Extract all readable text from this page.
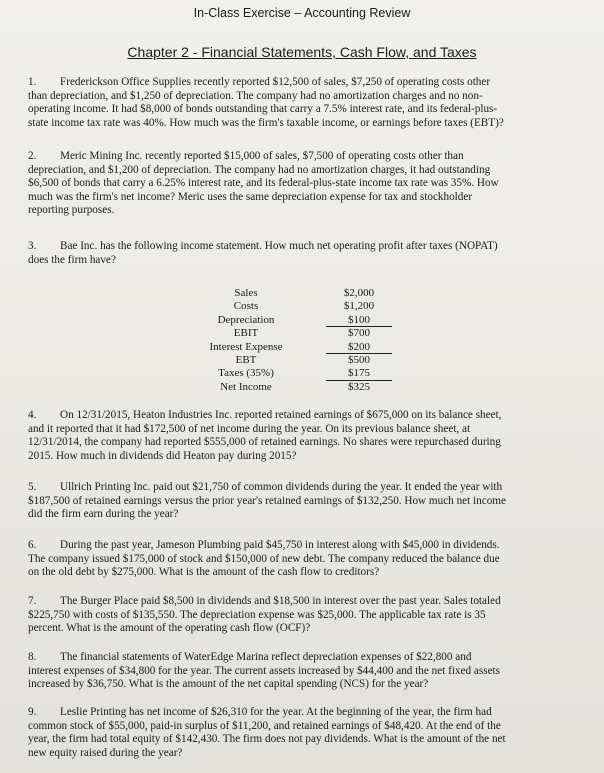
In-Class Exercise – Accounting Review
Chapter 2 - Financial Statements, Cash Flow, and Taxes
1. Frederickson Office Supplies recently reported $12,500 of sales, $7,250 of operating costs other
than depreciation, and $1,250 of depreciation. The company had no amortization charges and no non-
operating income. It had $8,000 of bonds outstanding that carry a 7.5% interest rate, and its federal-plus-
state income tax rate was 40%. How much was the firm's taxable income, or earnings before taxes (EBT)?
2. Meric Mining Inc. recently reported $15,000 of sales, $7,500 of operating costs other than
depreciation, and $1,200 of depreciation. The company had no amortization charges, it had outstanding
$6,500 of bonds that carry a 6.25% interest rate, and its federal-plus-state income tax rate was 35%. How
much was the firm's net income? Meric uses the same depreciation expense for tax and stockholder
reporting purposes.
3. Bae Inc. has the following income statement. How much net operating profit after taxes (NOPAT)
does the firm have?
Sales	$2,000
Costs	$1,200
Depreciation	$100
EBIT	$700
Interest Expense	$200
EBT	$500
Taxes (35%)	$175
Net Income	$325
4. On 12/31/2015, Heaton Industries Inc. reported retained earnings of $675,000 on its balance sheet,
and it reported that it had $172,500 of net income during the year. On its previous balance sheet, at
12/31/2014, the company had reported $555,000 of retained earnings. No shares were repurchased during
2015. How much in dividends did Heaton pay during 2015?
5. Ullrich Printing Inc. paid out $21,750 of common dividends during the year. It ended the year with
$187,500 of retained earnings versus the prior year's retained earnings of $132,250. How much net income
did the firm earn during the year?
6. During the past year, Jameson Plumbing paid $45,750 in interest along with $45,000 in dividends.
The company issued $175,000 of stock and $150,000 of new debt. The company reduced the balance due
on the old debt by $275,000. What is the amount of the cash flow to creditors?
7. The Burger Place paid $8,500 in dividends and $18,500 in interest over the past year. Sales totaled
$225,750 with costs of $135,550. The depreciation expense was $25,000. The applicable tax rate is 35
percent. What is the amount of the operating cash flow (OCF)?
8. The financial statements of WaterEdge Marina reflect depreciation expenses of $22,800 and
interest expenses of $34,800 for the year. The current assets increased by $44,400 and the net fixed assets
increased by $36,750. What is the amount of the net capital spending (NCS) for the year?
9. Leslie Printing has net income of $26,310 for the year. At the beginning of the year, the firm had
common stock of $55,000, paid-in surplus of $11,200, and retained earnings of $48,420. At the end of the
year, the firm had total equity of $142,430. The firm does not pay dividends. What is the amount of the net
new equity raised during the year?
